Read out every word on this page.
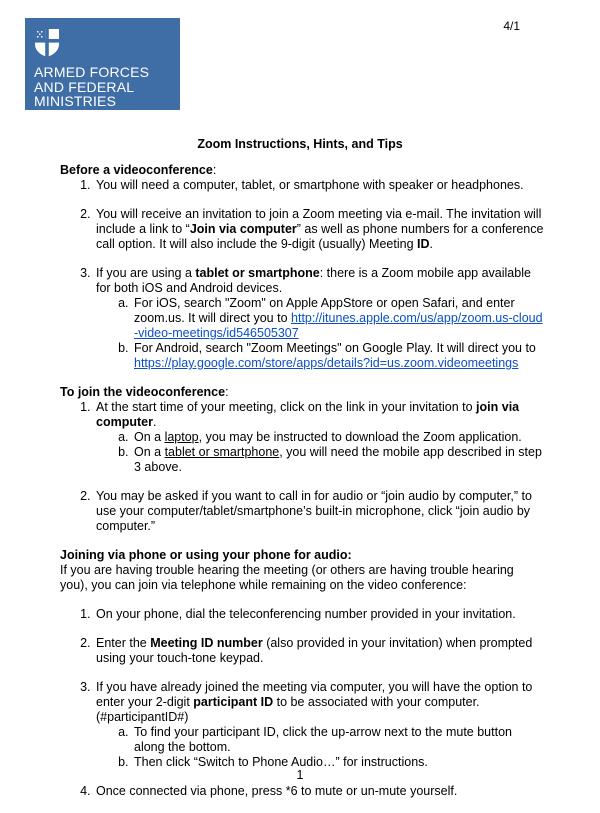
ARMED FORCES
AND FEDERAL
MINISTRIES
4/1
Zoom Instructions, Hints, and Tips

Before a videoconference:

1. You will need a computer, tablet, or smartphone with speaker or headphones.
2. You will receive an invitation to join a Zoom meeting via e-mail. The invitation will include a link to “Join via computer” as well as phone numbers for a conference call option. It will also include the 9-digit (usually) Meeting ID.
3. If you are using a tablet or smartphone: there is a Zoom mobile app available for both iOS and Android devices.
a. For iOS, search "Zoom" on Apple AppStore or open Safari, and enter zoom.us. It will direct you to http://itunes.apple.com/us/app/zoom.us-cloud-video-meetings/id546505307
b. For Android, search "Zoom Meetings" on Google Play. It will direct you to https://play.google.com/store/apps/details?id=us.zoom.videomeetings

To join the videoconference:

1. At the start time of your meeting, click on the link in your invitation to join via computer.
a. On a laptop, you may be instructed to download the Zoom application.
b. On a tablet or smartphone, you will need the mobile app described in step 3 above.
2. You may be asked if you want to call in for audio or “join audio by computer,” to use your computer/tablet/smartphone’s built-in microphone, click “join audio by computer.”

Joining via phone or using your phone for audio:

If you are having trouble hearing the meeting (or others are having trouble hearing you), you can join via telephone while remaining on the video conference:

1. On your phone, dial the teleconferencing number provided in your invitation.
2. Enter the Meeting ID number (also provided in your invitation) when prompted using your touch-tone keypad.
3. If you have already joined the meeting via computer, you will have the option to enter your 2-digit participant ID to be associated with your computer. (#participantID#)
a. To find your participant ID, click the up-arrow next to the mute button along the bottom.
b. Then click “Switch to Phone Audio…” for instructions.
4. Once connected via phone, press *6 to mute or un-mute yourself.
1
